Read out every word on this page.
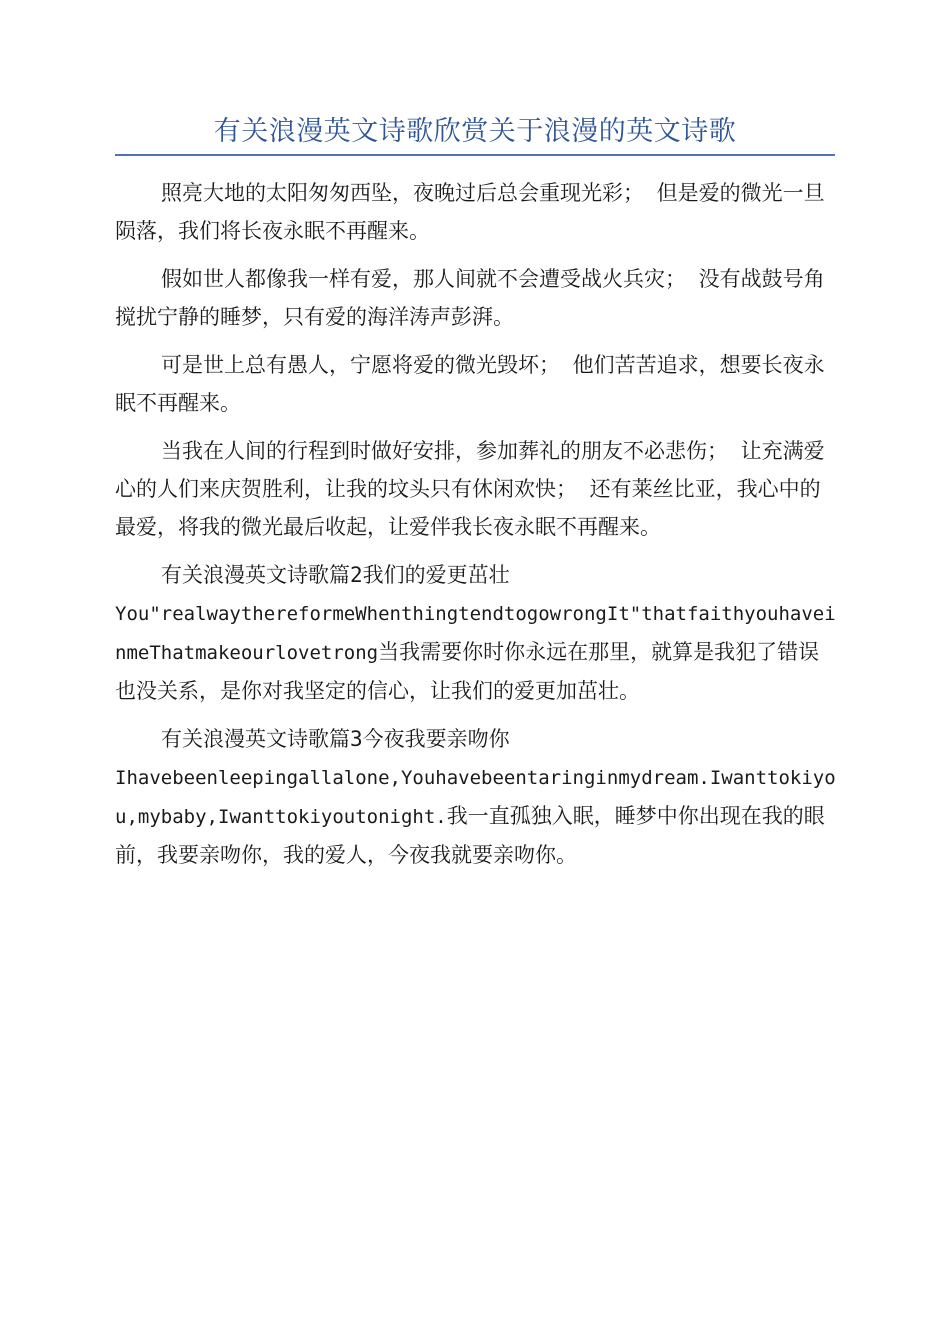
有关浪漫英文诗歌欣赏关于浪漫的英文诗歌

照亮大地的太阳匆匆西坠，夜晚过后总会重现光彩； 但是爱的微光一旦陨落，我们将长夜永眠不再醒来。

假如世人都像我一样有爱，那人间就不会遭受战火兵灾； 没有战鼓号角搅扰宁静的睡梦，只有爱的海洋涛声彭湃。

可是世上总有愚人，宁愿将爱的微光毁坏； 他们苦苦追求，想要长夜永眠不再醒来。

当我在人间的行程到时做好安排，参加葬礼的朋友不必悲伤； 让充满爱心的人们来庆贺胜利，让我的坟头只有休闲欢快； 还有莱丝比亚，我心中的最爱，将我的微光最后收起，让爱伴我长夜永眠不再醒来。

有关浪漫英文诗歌篇2我们的爱更茁壮

You"realwaythereformeWhenthingtendtogowrongIt"thatfaithyouhaveinmeThatmakeourlovetrong当我需要你时你永远在那里，就算是我犯了错误也没关系，是你对我坚定的信心，让我们的爱更加茁壮。

有关浪漫英文诗歌篇3今夜我要亲吻你

Ihavebeenleepingallalone,Youhavebeentaringinmydream.Iwanttokiyou,mybaby,Iwanttokiyoutonight.我一直孤独入眠，睡梦中你出现在我的眼前，我要亲吻你，我的爱人，今夜我就要亲吻你。
